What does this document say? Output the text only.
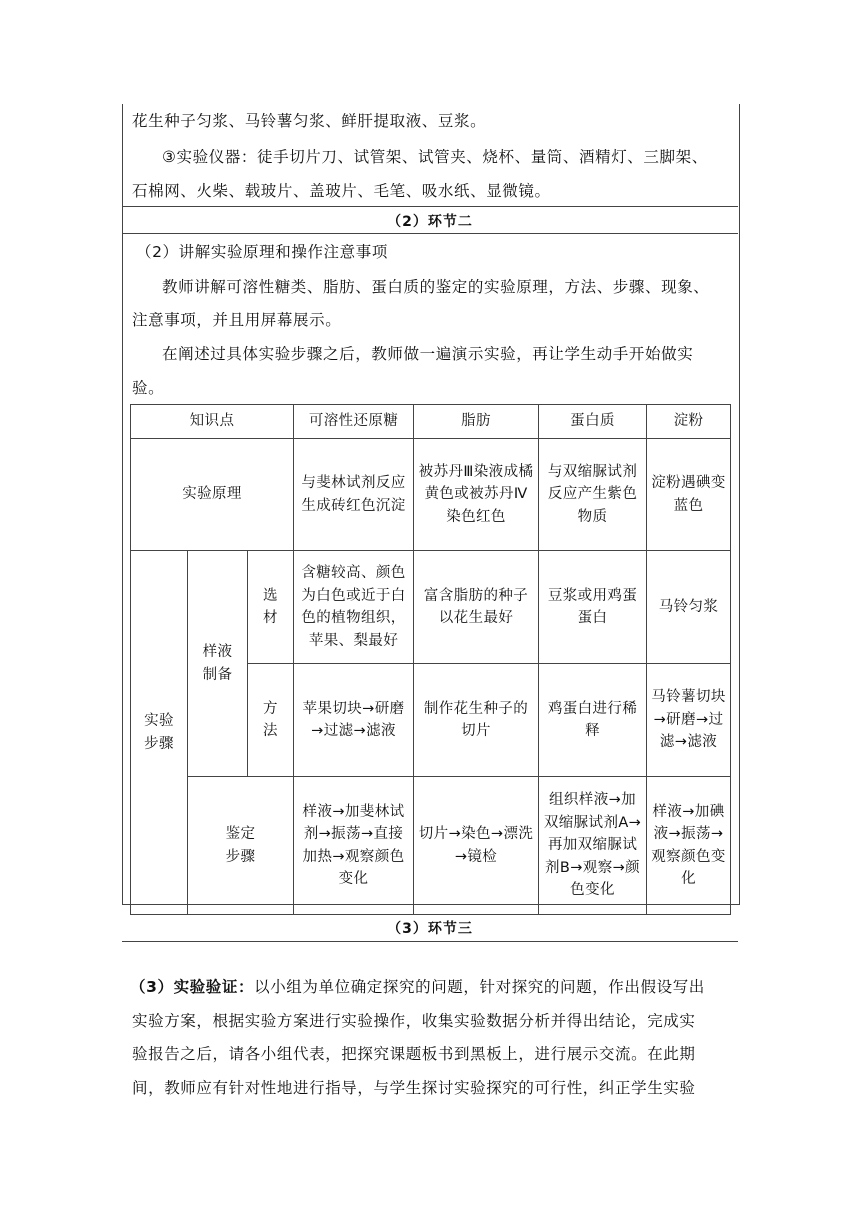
花生种子匀浆、马铃薯匀浆、鲜肝提取液、豆浆。
③实验仪器：徒手切片刀、试管架、试管夹、烧杯、量筒、酒精灯、三脚架、
石棉网、火柴、载玻片、盖玻片、毛笔、吸水纸、显微镜。
（2）环节二
（2）讲解实验原理和操作注意事项
教师讲解可溶性糖类、脂肪、蛋白质的鉴定的实验原理，方法、步骤、现象、
注意事项，并且用屏幕展示。
在阐述过具体实验步骤之后，教师做一遍演示实验，再让学生动手开始做实
验。
知识点			可溶性还原糖	脂肪	蛋白质	淀粉
实验原理			与斐林试剂反应生成砖红色沉淀	被苏丹Ⅲ染液成橘黄色或被苏丹Ⅳ染色红色	与双缩脲试剂反应产生紫色物质	淀粉遇碘变蓝色
实验步骤	样液制备	选材	含糖较高、颜色为白色或近于白色的植物组织，苹果、梨最好	富含脂肪的种子以花生最好	豆浆或用鸡蛋蛋白	马铃匀浆
		方法	苹果切块→研磨→过滤→滤液	制作花生种子的切片	鸡蛋白进行稀释	马铃薯切块→研磨→过滤→滤液
	鉴定步骤		样液→加斐林试剂→振荡→直接加热→观察颜色变化	切片→染色→漂洗→镜检	组织样液→加双缩脲试剂A→再加双缩脲试剂B→观察→颜色变化	样液→加碘液→振荡→观察颜色变化
（3）环节三
（3）实验验证：以小组为单位确定探究的问题，针对探究的问题，作出假设写出
实验方案，根据实验方案进行实验操作，收集实验数据分析并得出结论，完成实
验报告之后，请各小组代表，把探究课题板书到黑板上，进行展示交流。在此期
间，教师应有针对性地进行指导，与学生探讨实验探究的可行性，纠正学生实验
